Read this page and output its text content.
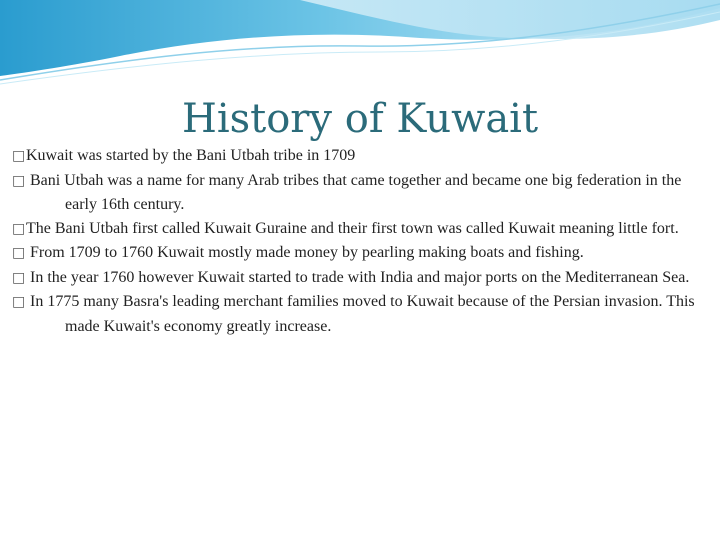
History of Kuwait
□Kuwait was started by the Bani Utbah tribe in 1709
□ Bani Utbah was a name for many Arab tribes that came together and became one big federation in the early 16th century.
□The Bani Utbah first called Kuwait Guraine and their first town was called Kuwait meaning little fort.
□ From 1709 to 1760 Kuwait mostly made money by pearling making boats and fishing.
□ In the year 1760 however Kuwait started to trade with India and major ports on the Mediterranean Sea.
□ In 1775 many Basra's leading merchant families moved to Kuwait because of the Persian invasion. This made Kuwait's economy greatly increase.
